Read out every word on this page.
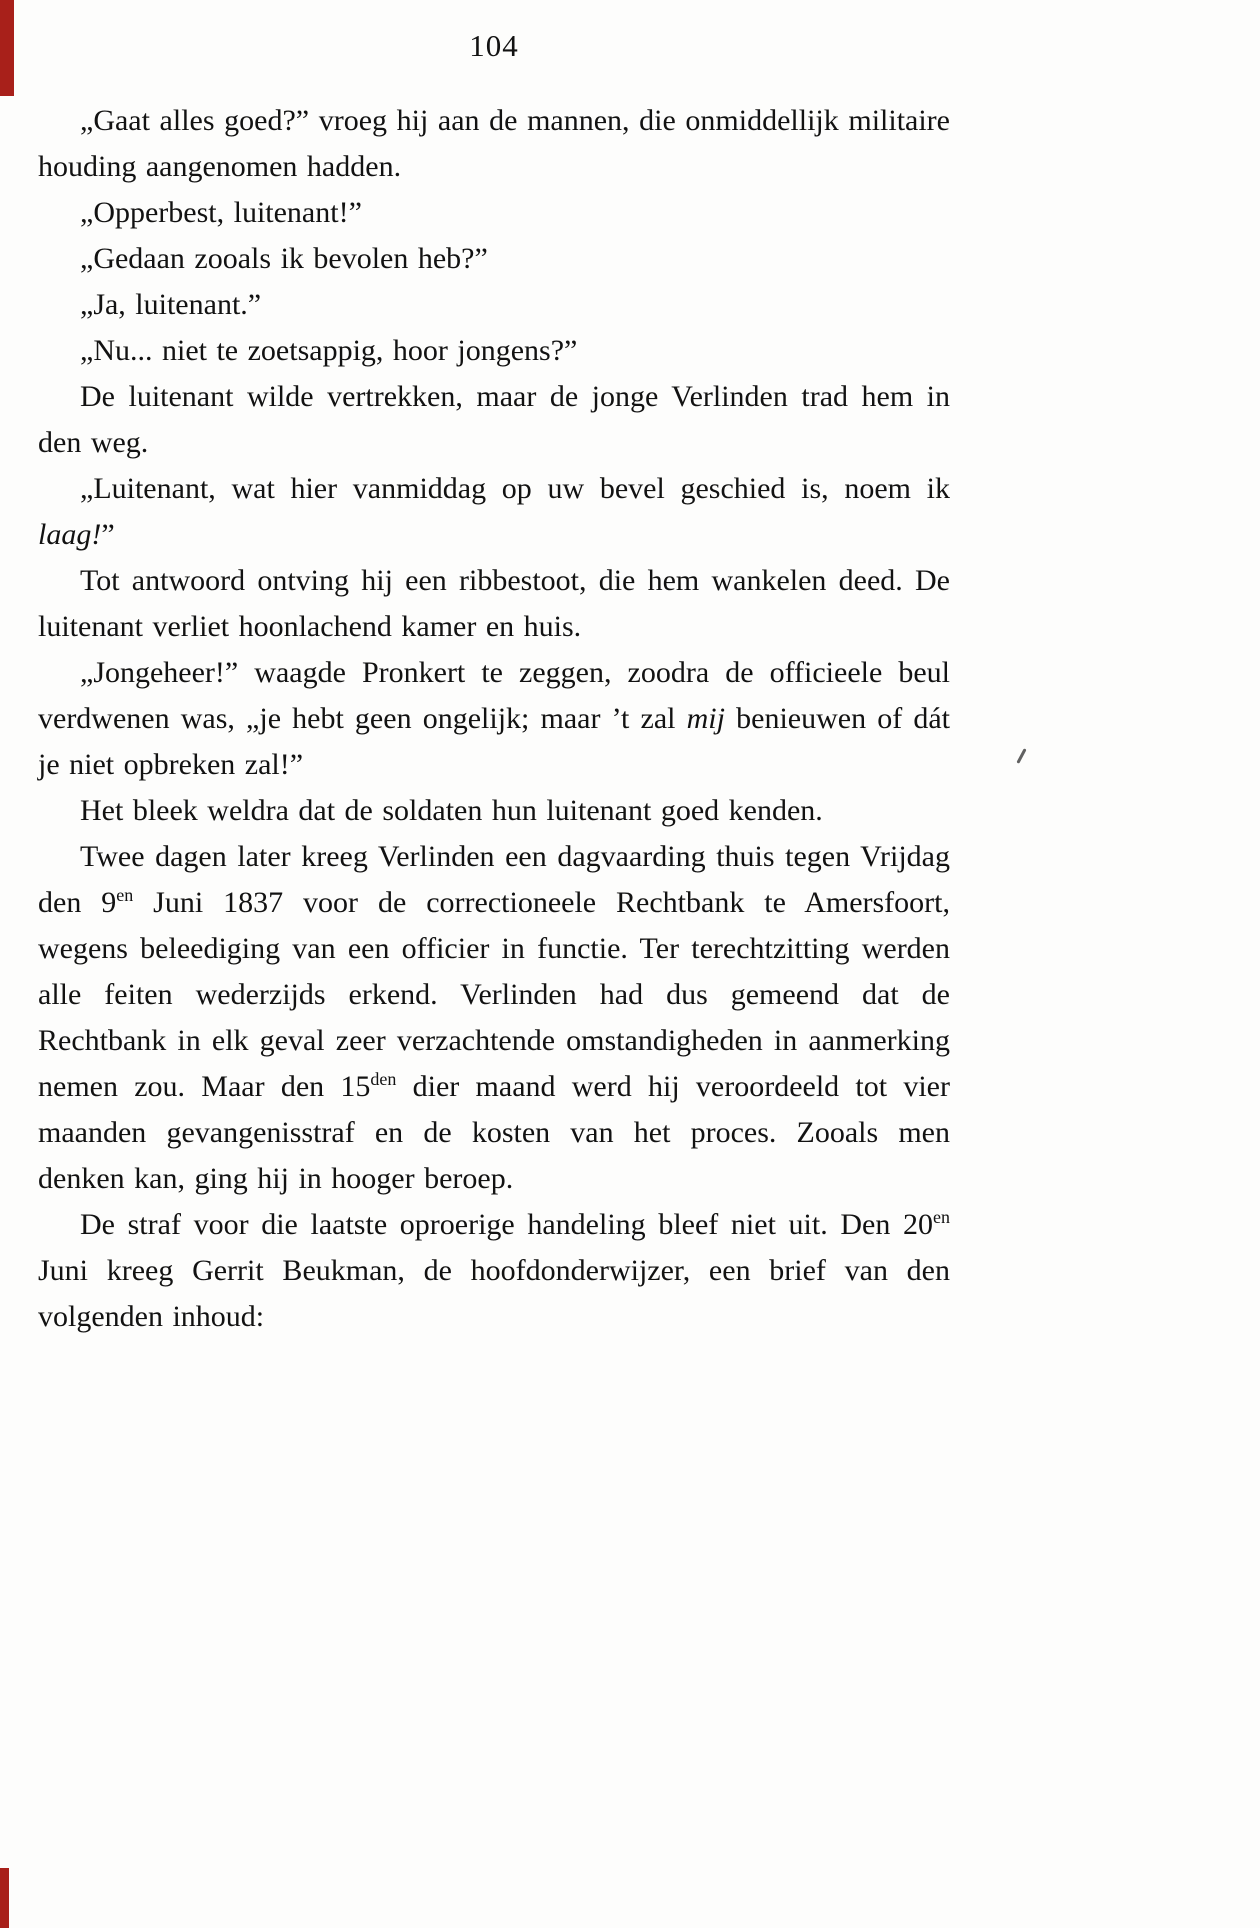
104

„Gaat alles goed?” vroeg hij aan de mannen, die onmiddellijk militaire houding aangenomen hadden.

„Opperbest, luitenant!”

„Gedaan zooals ik bevolen heb?”

„Ja, luitenant.”

„Nu... niet te zoetsappig, hoor jongens?”

De luitenant wilde vertrekken, maar de jonge Verlinden trad hem in den weg.

„Luitenant, wat hier vanmiddag op uw bevel geschied is, noem ik laag!”

Tot antwoord ontving hij een ribbestoot, die hem wankelen deed. De luitenant verliet hoonlachend kamer en huis.

„Jongeheer!” waagde Pronkert te zeggen, zoodra de officieele beul verdwenen was, „je hebt geen ongelijk; maar ’t zal mij benieuwen of dát je niet opbreken zal!”

Het bleek weldra dat de soldaten hun luitenant goed kenden.

Twee dagen later kreeg Verlinden een dagvaarding thuis tegen Vrijdag den $9^{en}$ Juni 1837 voor de correctioneele Rechtbank te Amersfoort, wegens beleediging van een officier in functie. Ter terechtzitting werden alle feiten wederzijds erkend. Verlinden had dus gemeend dat de Rechtbank in elk geval zeer verzachtende omstandigheden in aanmerking nemen zou. Maar den $15^{den}$ dier maand werd hij veroordeeld tot vier maanden gevangenisstraf en de kosten van het proces. Zooals men denken kan, ging hij in hooger beroep.

De straf voor die laatste oproerige handeling bleef niet uit. Den $20^{en}$ Juni kreeg Gerrit Beukman, de hoofdonderwijzer, een brief van den volgenden inhoud:
